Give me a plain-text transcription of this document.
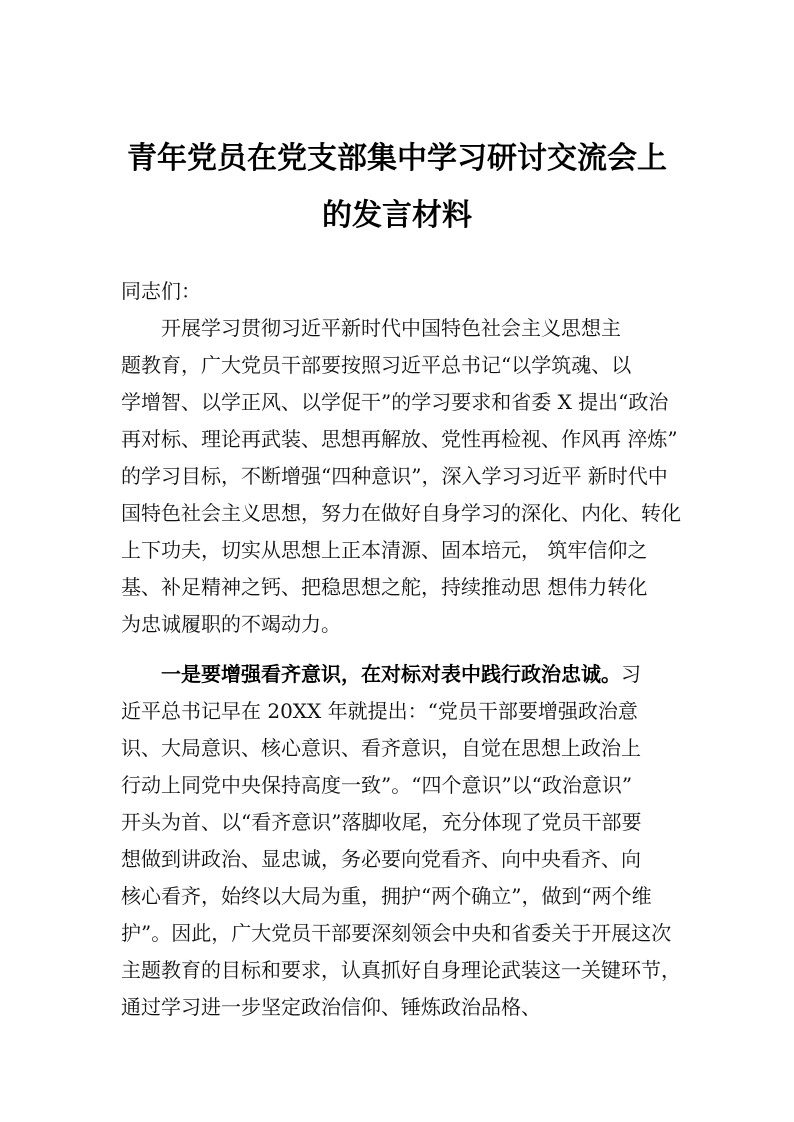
青年党员在党支部集中学习研讨交流会上
的发言材料
同志们：
开展学习贯彻习近平新时代中国特色社会主义思想主
题教育，广大党员干部要按照习近平总书记“以学筑魂、以
学增智、以学正风、以学促干”的学习要求和省委 X 提出“政治
再对标、理论再武装、思想再解放、党性再检视、作风再 淬炼”
的学习目标，不断增强“四种意识”，深入学习习近平 新时代中
国特色社会主义思想，努力在做好自身学习的深化、内化、转化
上下功夫，切实从思想上正本清源、固本培元， 筑牢信仰之
基、补足精神之钙、把稳思想之舵，持续推动思 想伟力转化
为忠诚履职的不竭动力。
一是要增强看齐意识，在对标对表中践行政治忠诚。习
近平总书记早在 20XX 年就提出：“党员干部要增强政治意
识、大局意识、核心意识、看齐意识，自觉在思想上政治上
行动上同党中央保持高度一致”。“四个意识”以“政治意识”
开头为首、以“看齐意识”落脚收尾，充分体现了党员干部要
想做到讲政治、显忠诚，务必要向党看齐、向中央看齐、向
核心看齐，始终以大局为重，拥护“两个确立”，做到“两个维
护”。因此，广大党员干部要深刻领会中央和省委关于开展这次
主题教育的目标和要求，认真抓好自身理论武装这一关键环节，
通过学习进一步坚定政治信仰、锤炼政治品格、
